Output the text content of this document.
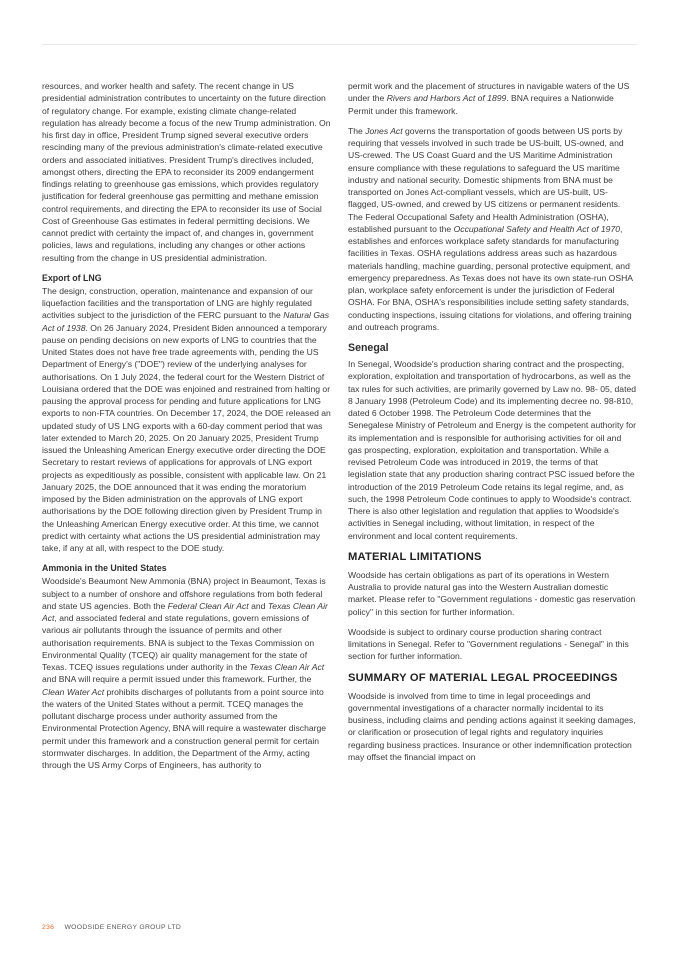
resources, and worker health and safety. The recent change in US presidential administration contributes to uncertainty on the future direction of regulatory change. For example, existing climate change-related regulation has already become a focus of the new Trump administration. On his first day in office, President Trump signed several executive orders rescinding many of the previous administration's climate-related executive orders and associated initiatives. President Trump's directives included, amongst others, directing the EPA to reconsider its 2009 endangerment findings relating to greenhouse gas emissions, which provides regulatory justification for federal greenhouse gas permitting and methane emission control requirements, and directing the EPA to reconsider its use of Social Cost of Greenhouse Gas estimates in federal permitting decisions. We cannot predict with certainty the impact of, and changes in, government policies, laws and regulations, including any changes or other actions resulting from the change in US presidential administration.

Export of LNG

The design, construction, operation, maintenance and expansion of our liquefaction facilities and the transportation of LNG are highly regulated activities subject to the jurisdiction of the FERC pursuant to the Natural Gas Act of 1938. On 26 January 2024, President Biden announced a temporary pause on pending decisions on new exports of LNG to countries that the United States does not have free trade agreements with, pending the US Department of Energy's ("DOE") review of the underlying analyses for authorisations. On 1 July 2024, the federal court for the Western District of Louisiana ordered that the DOE was enjoined and restrained from halting or pausing the approval process for pending and future applications for LNG exports to non-FTA countries. On December 17, 2024, the DOE released an updated study of US LNG exports with a 60-day comment period that was later extended to March 20, 2025. On 20 January 2025, President Trump issued the Unleashing American Energy executive order directing the DOE Secretary to restart reviews of applications for approvals of LNG export projects as expeditiously as possible, consistent with applicable law. On 21 January 2025, the DOE announced that it was ending the moratorium imposed by the Biden administration on the approvals of LNG export authorisations by the DOE following direction given by President Trump in the Unleashing American Energy executive order. At this time, we cannot predict with certainty what actions the US presidential administration may take, if any at all, with respect to the DOE study.

Ammonia in the United States

Woodside's Beaumont New Ammonia (BNA) project in Beaumont, Texas is subject to a number of onshore and offshore regulations from both federal and state US agencies. Both the Federal Clean Air Act and Texas Clean Air Act, and associated federal and state regulations, govern emissions of various air pollutants through the issuance of permits and other authorisation requirements. BNA is subject to the Texas Commission on Environmental Quality (TCEQ) air quality management for the state of Texas. TCEQ issues regulations under authority in the Texas Clean Air Act and BNA will require a permit issued under this framework. Further, the Clean Water Act prohibits discharges of pollutants from a point source into the waters of the United States without a permit. TCEQ manages the pollutant discharge process under authority assumed from the Environmental Protection Agency, BNA will require a wastewater discharge permit under this framework and a construction general permit for certain stormwater discharges. In addition, the Department of the Army, acting through the US Army Corps of Engineers, has authority to

permit work and the placement of structures in navigable waters of the US under the Rivers and Harbors Act of 1899. BNA requires a Nationwide Permit under this framework.

The Jones Act governs the transportation of goods between US ports by requiring that vessels involved in such trade be US-built, US-owned, and US-crewed. The US Coast Guard and the US Maritime Administration ensure compliance with these regulations to safeguard the US maritime industry and national security. Domestic shipments from BNA must be transported on Jones Act-compliant vessels, which are US-built, US-flagged, US-owned, and crewed by US citizens or permanent residents. The Federal Occupational Safety and Health Administration (OSHA), established pursuant to the Occupational Safety and Health Act of 1970, establishes and enforces workplace safety standards for manufacturing facilities in Texas. OSHA regulations address areas such as hazardous materials handling, machine guarding, personal protective equipment, and emergency preparedness. As Texas does not have its own state-run OSHA plan, workplace safety enforcement is under the jurisdiction of Federal OSHA. For BNA, OSHA's responsibilities include setting safety standards, conducting inspections, issuing citations for violations, and offering training and outreach programs.

Senegal

In Senegal, Woodside's production sharing contract and the prospecting, exploration, exploitation and transportation of hydrocarbons, as well as the tax rules for such activities, are primarily governed by Law no. 98- 05, dated 8 January 1998 (Petroleum Code) and its implementing decree no. 98-810, dated 6 October 1998. The Petroleum Code determines that the Senegalese Ministry of Petroleum and Energy is the competent authority for its implementation and is responsible for authorising activities for oil and gas prospecting, exploration, exploitation and transportation. While a revised Petroleum Code was introduced in 2019, the terms of that legislation state that any production sharing contract PSC issued before the introduction of the 2019 Petroleum Code retains its legal regime, and, as such, the 1998 Petroleum Code continues to apply to Woodside's contract. There is also other legislation and regulation that applies to Woodside's activities in Senegal including, without limitation, in respect of the environment and local content requirements.

MATERIAL LIMITATIONS

Woodside has certain obligations as part of its operations in Western Australia to provide natural gas into the Western Australian domestic market. Please refer to "Government regulations - domestic gas reservation policy" in this section for further information.

Woodside is subject to ordinary course production sharing contract limitations in Senegal. Refer to "Government regulations - Senegal" in this section for further information.

SUMMARY OF MATERIAL LEGAL PROCEEDINGS

Woodside is involved from time to time in legal proceedings and governmental investigations of a character normally incidental to its business, including claims and pending actions against it seeking damages, or clarification or prosecution of legal rights and regulatory inquiries regarding business practices. Insurance or other indemnification protection may offset the financial impact on

236 WOODSIDE ENERGY GROUP LTD
